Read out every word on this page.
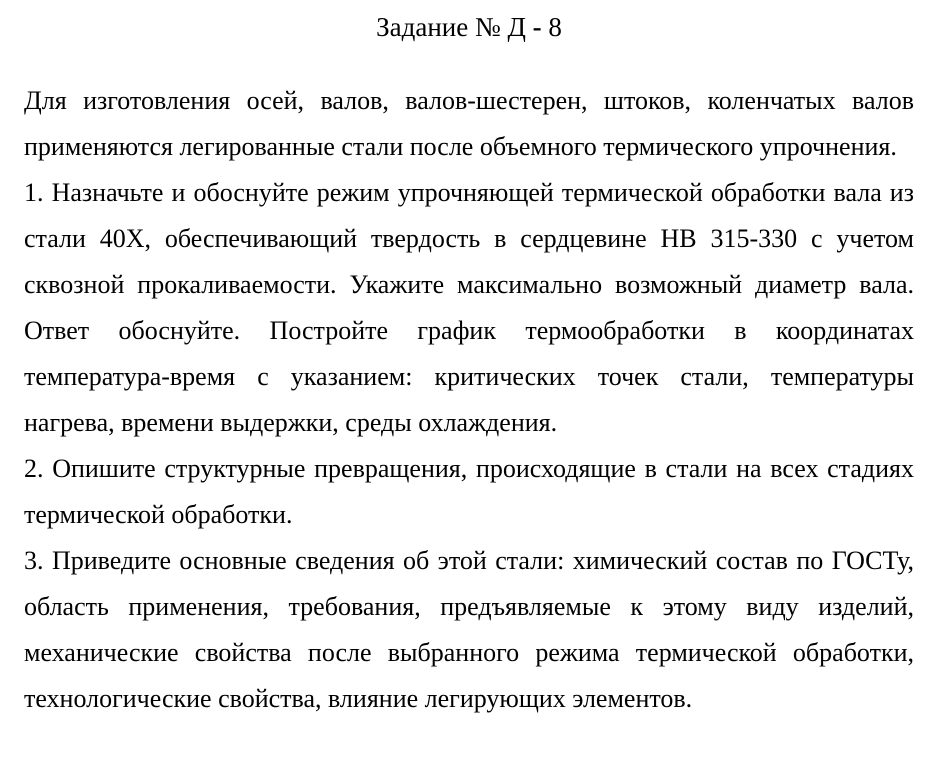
Задание № Д - 8

Для изготовления осей, валов, валов-шестерен, штоков, коленчатых валов применяются легированные стали после объемного термического упрочнения.

1. Назначьте и обоснуйте режим упрочняющей термической обработки вала из стали 40Х, обеспечивающий твердость в сердцевине НВ 315-330 с учетом сквозной прокаливаемости. Укажите максимально возможный диаметр вала. Ответ обоснуйте. Постройте график термообработки в координатах температура-время с указанием: критических точек стали, температуры нагрева, времени выдержки, среды охлаждения.

2. Опишите структурные превращения, происходящие в стали на всех стадиях термической обработки.

3. Приведите основные сведения об этой стали: химический состав по ГОСТу, область применения, требования, предъявляемые к этому виду изделий, механические свойства после выбранного режима термической обработки, технологические свойства, влияние легирующих элементов.
